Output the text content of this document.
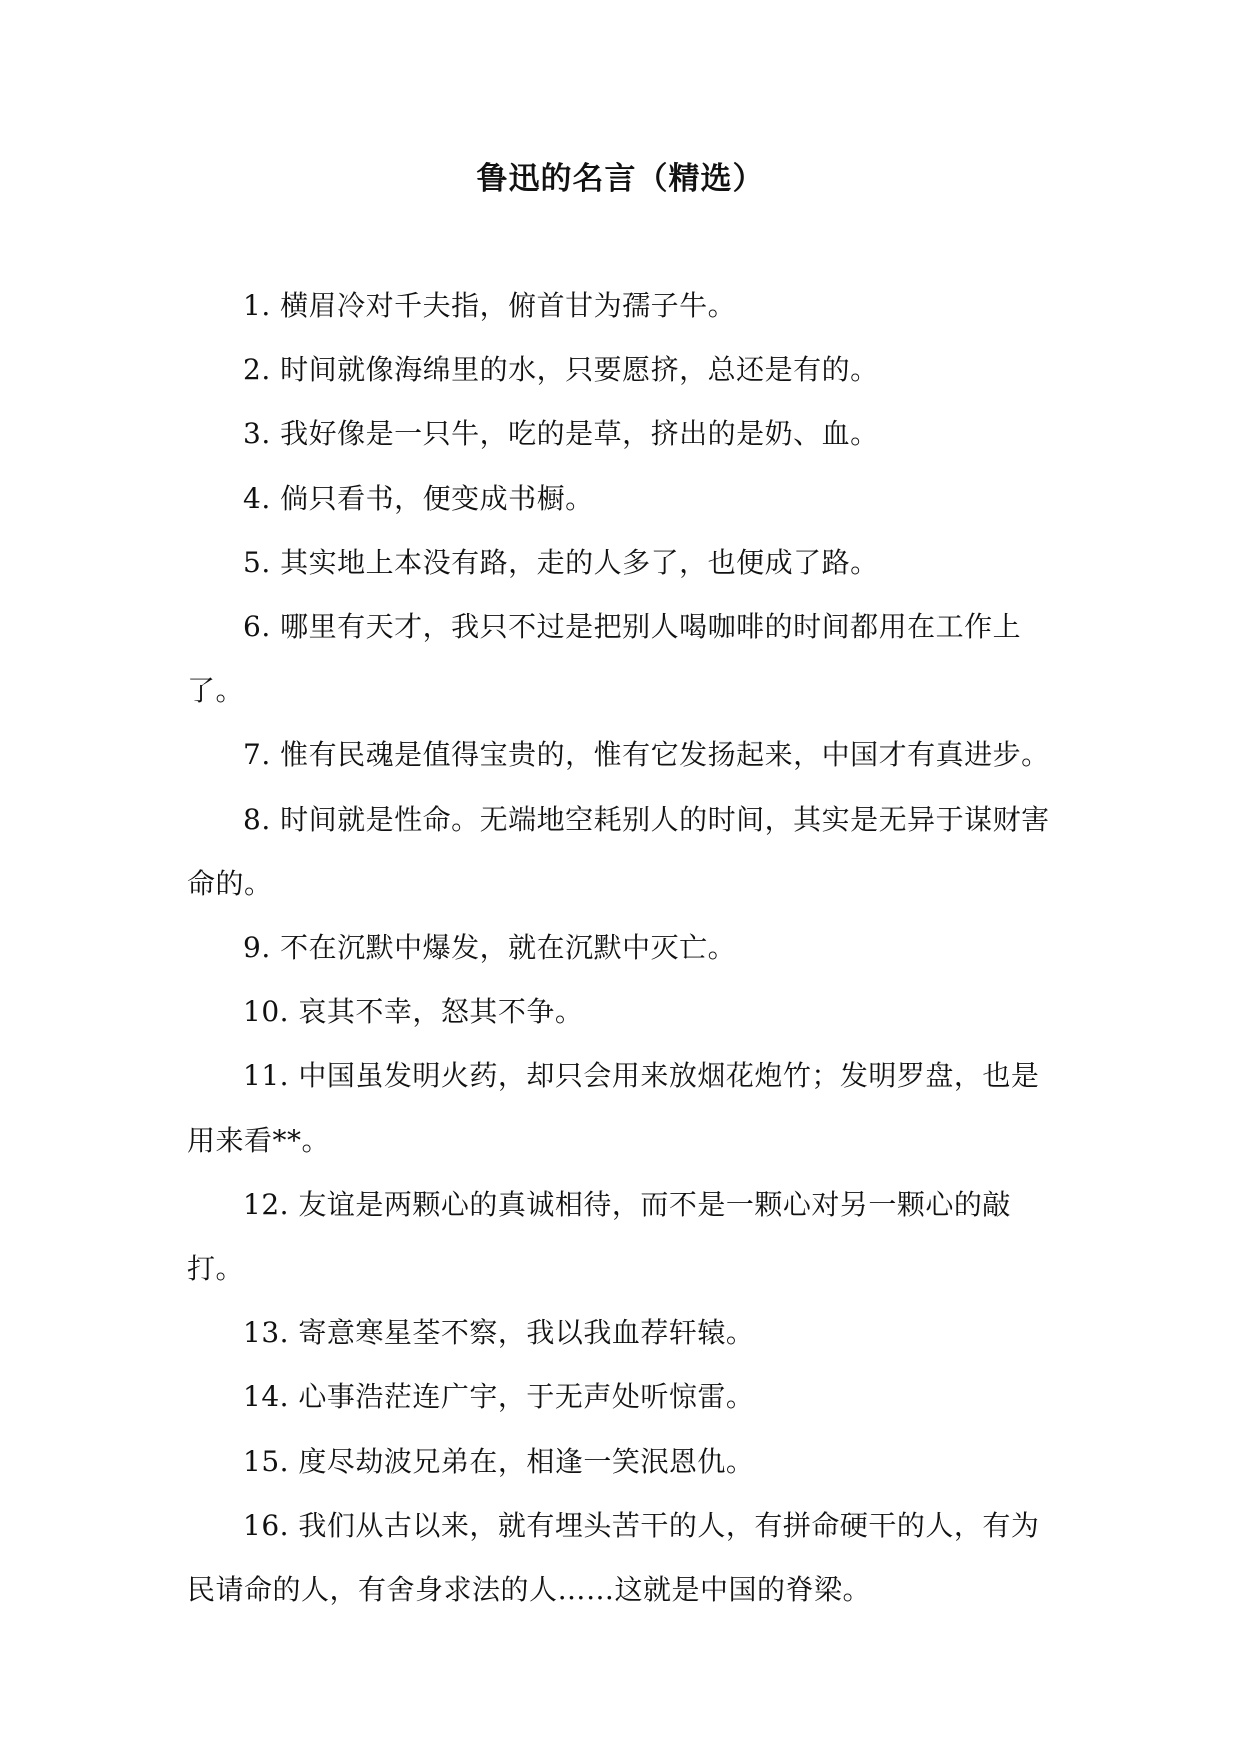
鲁迅的名言（精选）

1. 横眉冷对千夫指，俯首甘为孺子牛。

2. 时间就像海绵里的水，只要愿挤，总还是有的。

3. 我好像是一只牛，吃的是草，挤出的是奶、血。

4. 倘只看书，便变成书橱。

5. 其实地上本没有路，走的人多了，也便成了路。

6. 哪里有天才，我只不过是把别人喝咖啡的时间都用在工作上了。

7. 惟有民魂是值得宝贵的，惟有它发扬起来，中国才有真进步。

8. 时间就是性命。无端地空耗别人的时间，其实是无异于谋财害命的。

9. 不在沉默中爆发，就在沉默中灭亡。

10. 哀其不幸，怒其不争。

11. 中国虽发明火药，却只会用来放烟花炮竹；发明罗盘，也是用来看**。

12. 友谊是两颗心的真诚相待，而不是一颗心对另一颗心的敲打。

13. 寄意寒星荃不察，我以我血荐轩辕。

14. 心事浩茫连广宇，于无声处听惊雷。

15. 度尽劫波兄弟在，相逢一笑泯恩仇。

16. 我们从古以来，就有埋头苦干的人，有拼命硬干的人，有为民请命的人，有舍身求法的人……这就是中国的脊梁。
